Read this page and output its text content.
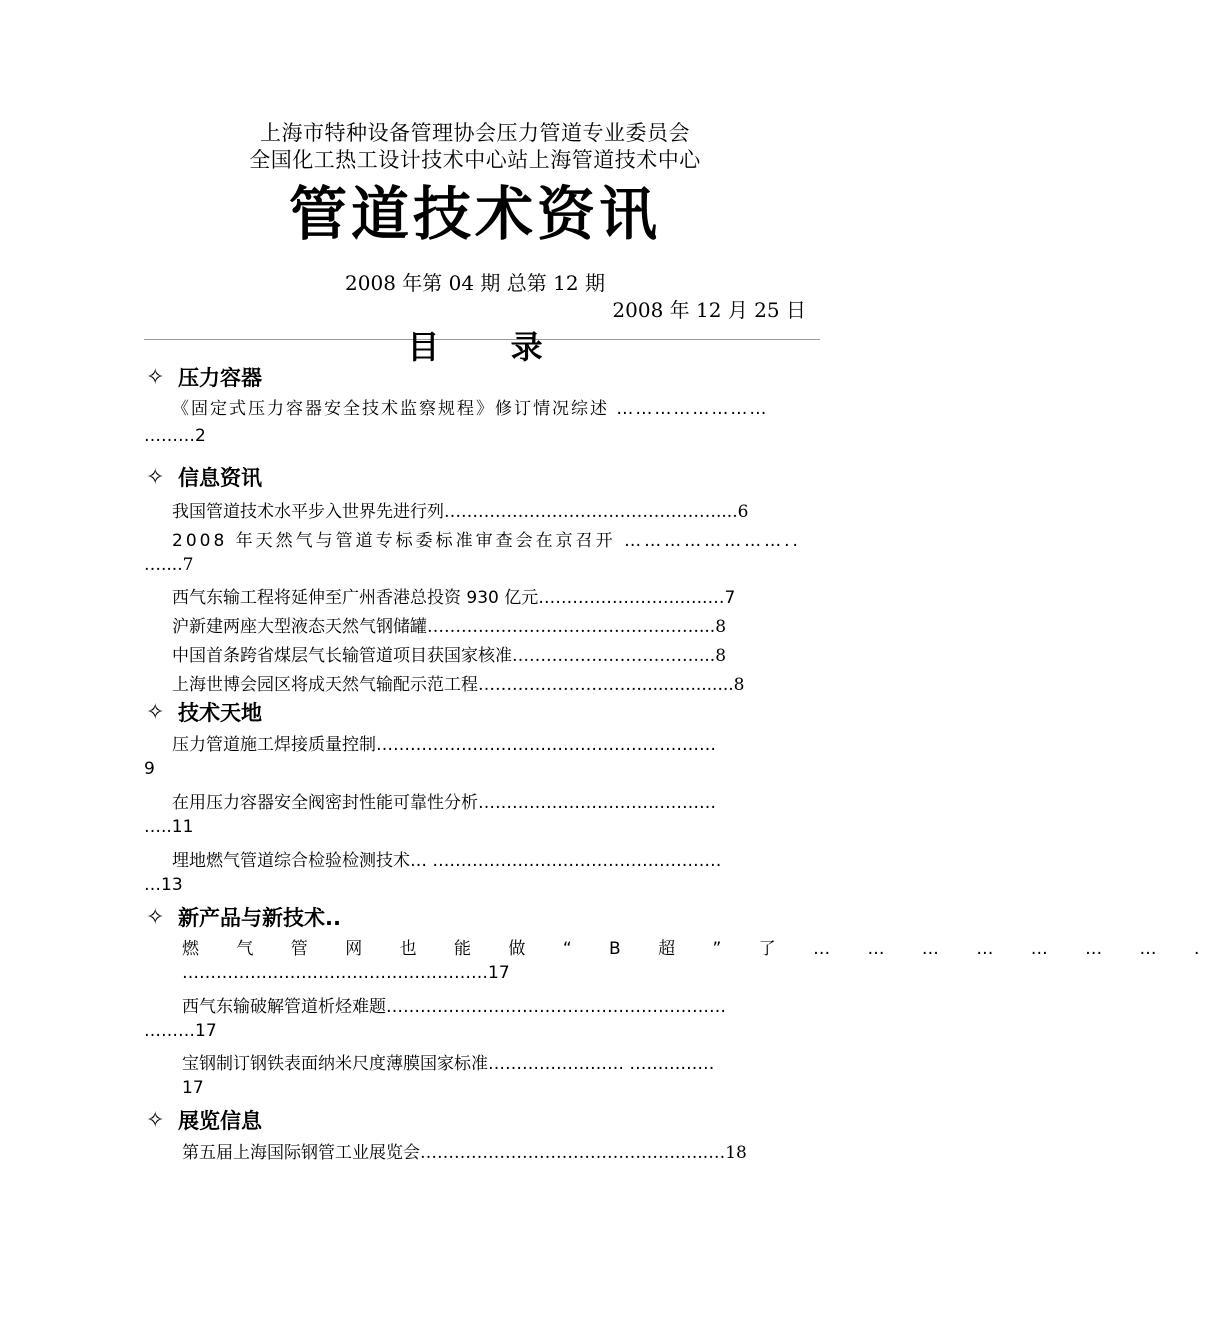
上海市特种设备管理协会压力管道专业委员会
全国化工热工设计技术中心站上海管道技术中心
管道技术资讯
2008 年第 04 期 总第 12 期
2008 年 12 月 25 日
目 录
✧ 压力容器
《固定式压力容器安全技术监察规程》修订情况综述 ……………………
………2
✧ 信息资讯
我国管道技术水平步入世界先进行列…………………………………………....6
2008 年天然气与管道专标委标准审查会在京召开 ……………………..
…....7
西气东输工程将延伸至广州香港总投资 930 亿元…………………….…..…7
沪新建两座大型液态天然气钢储罐…………………………………………...8
中国首条跨省煤层气长输管道项目获国家核准……………………………...8
上海世博会园区将成天然气输配示范工程………………………...................8
✧ 技术天地
压力管道施工焊接质量控制……………………………………………………
9
在用压力容器安全阀密封性能可靠性分析……………………………………
…..11
埋地燃气管道综合检验检测技术… ……………………………………………
…13
✧ 新产品与新技术..
燃 气 管 网 也 能 做 “ B 超 ” 了 … … … … … … … .
………………………………………………17
西气东输破解管道析烃难题……………………………………………………
………17
宝钢制订钢铁表面纳米尺度薄膜国家标准…………………… ……………
17
✧ 展览信息
第五届上海国际钢管工业展览会……………………………………….…..…18
